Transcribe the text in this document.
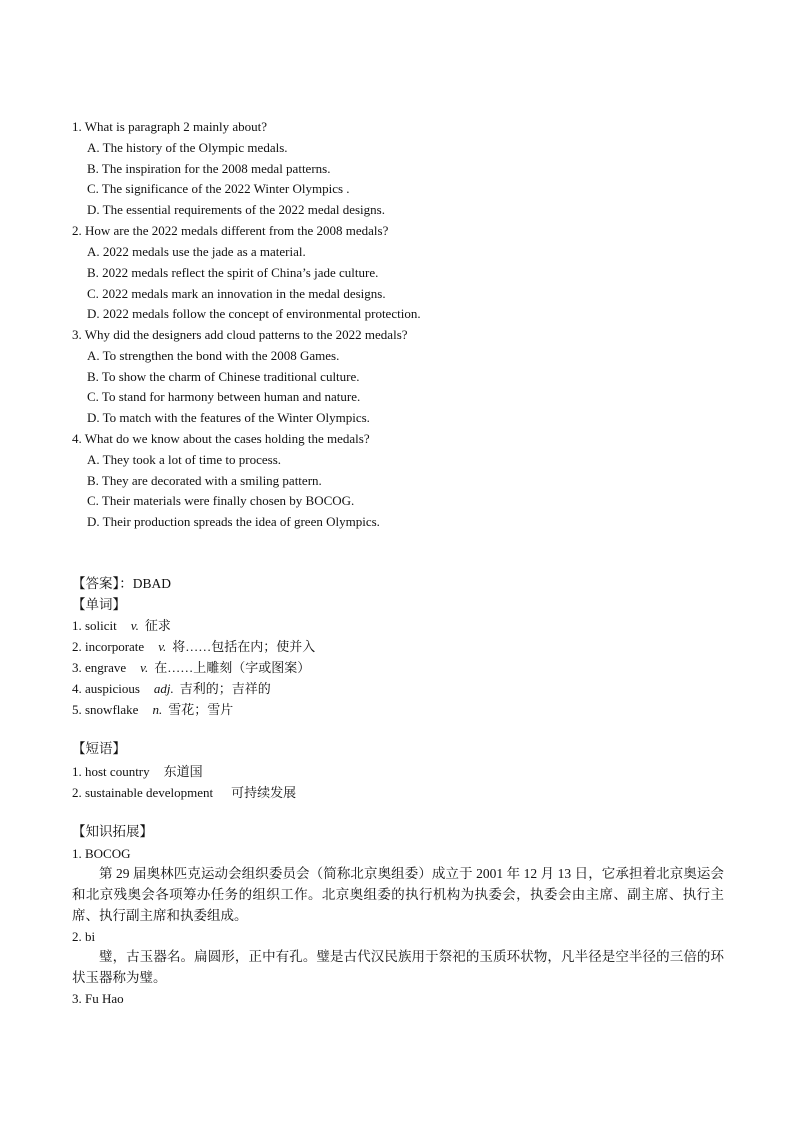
1. What is paragraph 2 mainly about?
A. The history of the Olympic medals.
B. The inspiration for the 2008 medal patterns.
C. The significance of the 2022 Winter Olympics .
D. The essential requirements of the 2022 medal designs.
2. How are the 2022 medals different from the 2008 medals?
A. 2022 medals use the jade as a material.
B. 2022 medals reflect the spirit of China’s jade culture.
C. 2022 medals mark an innovation in the medal designs.
D. 2022 medals follow the concept of environmental protection.
3. Why did the designers add cloud patterns to the 2022 medals?
A. To strengthen the bond with the 2008 Games.
B. To show the charm of Chinese traditional culture.
C. To stand for harmony between human and nature.
D. To match with the features of the Winter Olympics.
4. What do we know about the cases holding the medals?
A. They took a lot of time to process.
B. They are decorated with a smiling pattern.
C. Their materials were finally chosen by BOCOG.
D. Their production spreads the idea of green Olympics.
【答案】：DBAD
【单词】
1. solicit v. 征求
2. incorporate v. 将……包括在内；使并入
3. engrave v. 在……上雕刻（字或图案）
4. auspicious adj. 吉利的；吉祥的
5. snowflake n. 雪花；雪片
【短语】
1. host country 东道国
2. sustainable development 可持续发展
【知识拓展】
1. BOCOG
第 29 届奥林匹克运动会组织委员会（简称北京奥组委）成立于 2001 年 12 月 13 日，它承担着北京奥运会和北京残奥会各项筹办任务的组织工作。北京奥组委的执行机构为执委会，执委会由主席、副主席、执行主席、执行副主席和执委组成。
2. bi
璧，古玉器名。扁圆形，正中有孔。璧是古代汉民族用于祭祀的玉质环状物，凡半径是空半径的三倍的环状玉器称为璧。
3. Fu Hao
